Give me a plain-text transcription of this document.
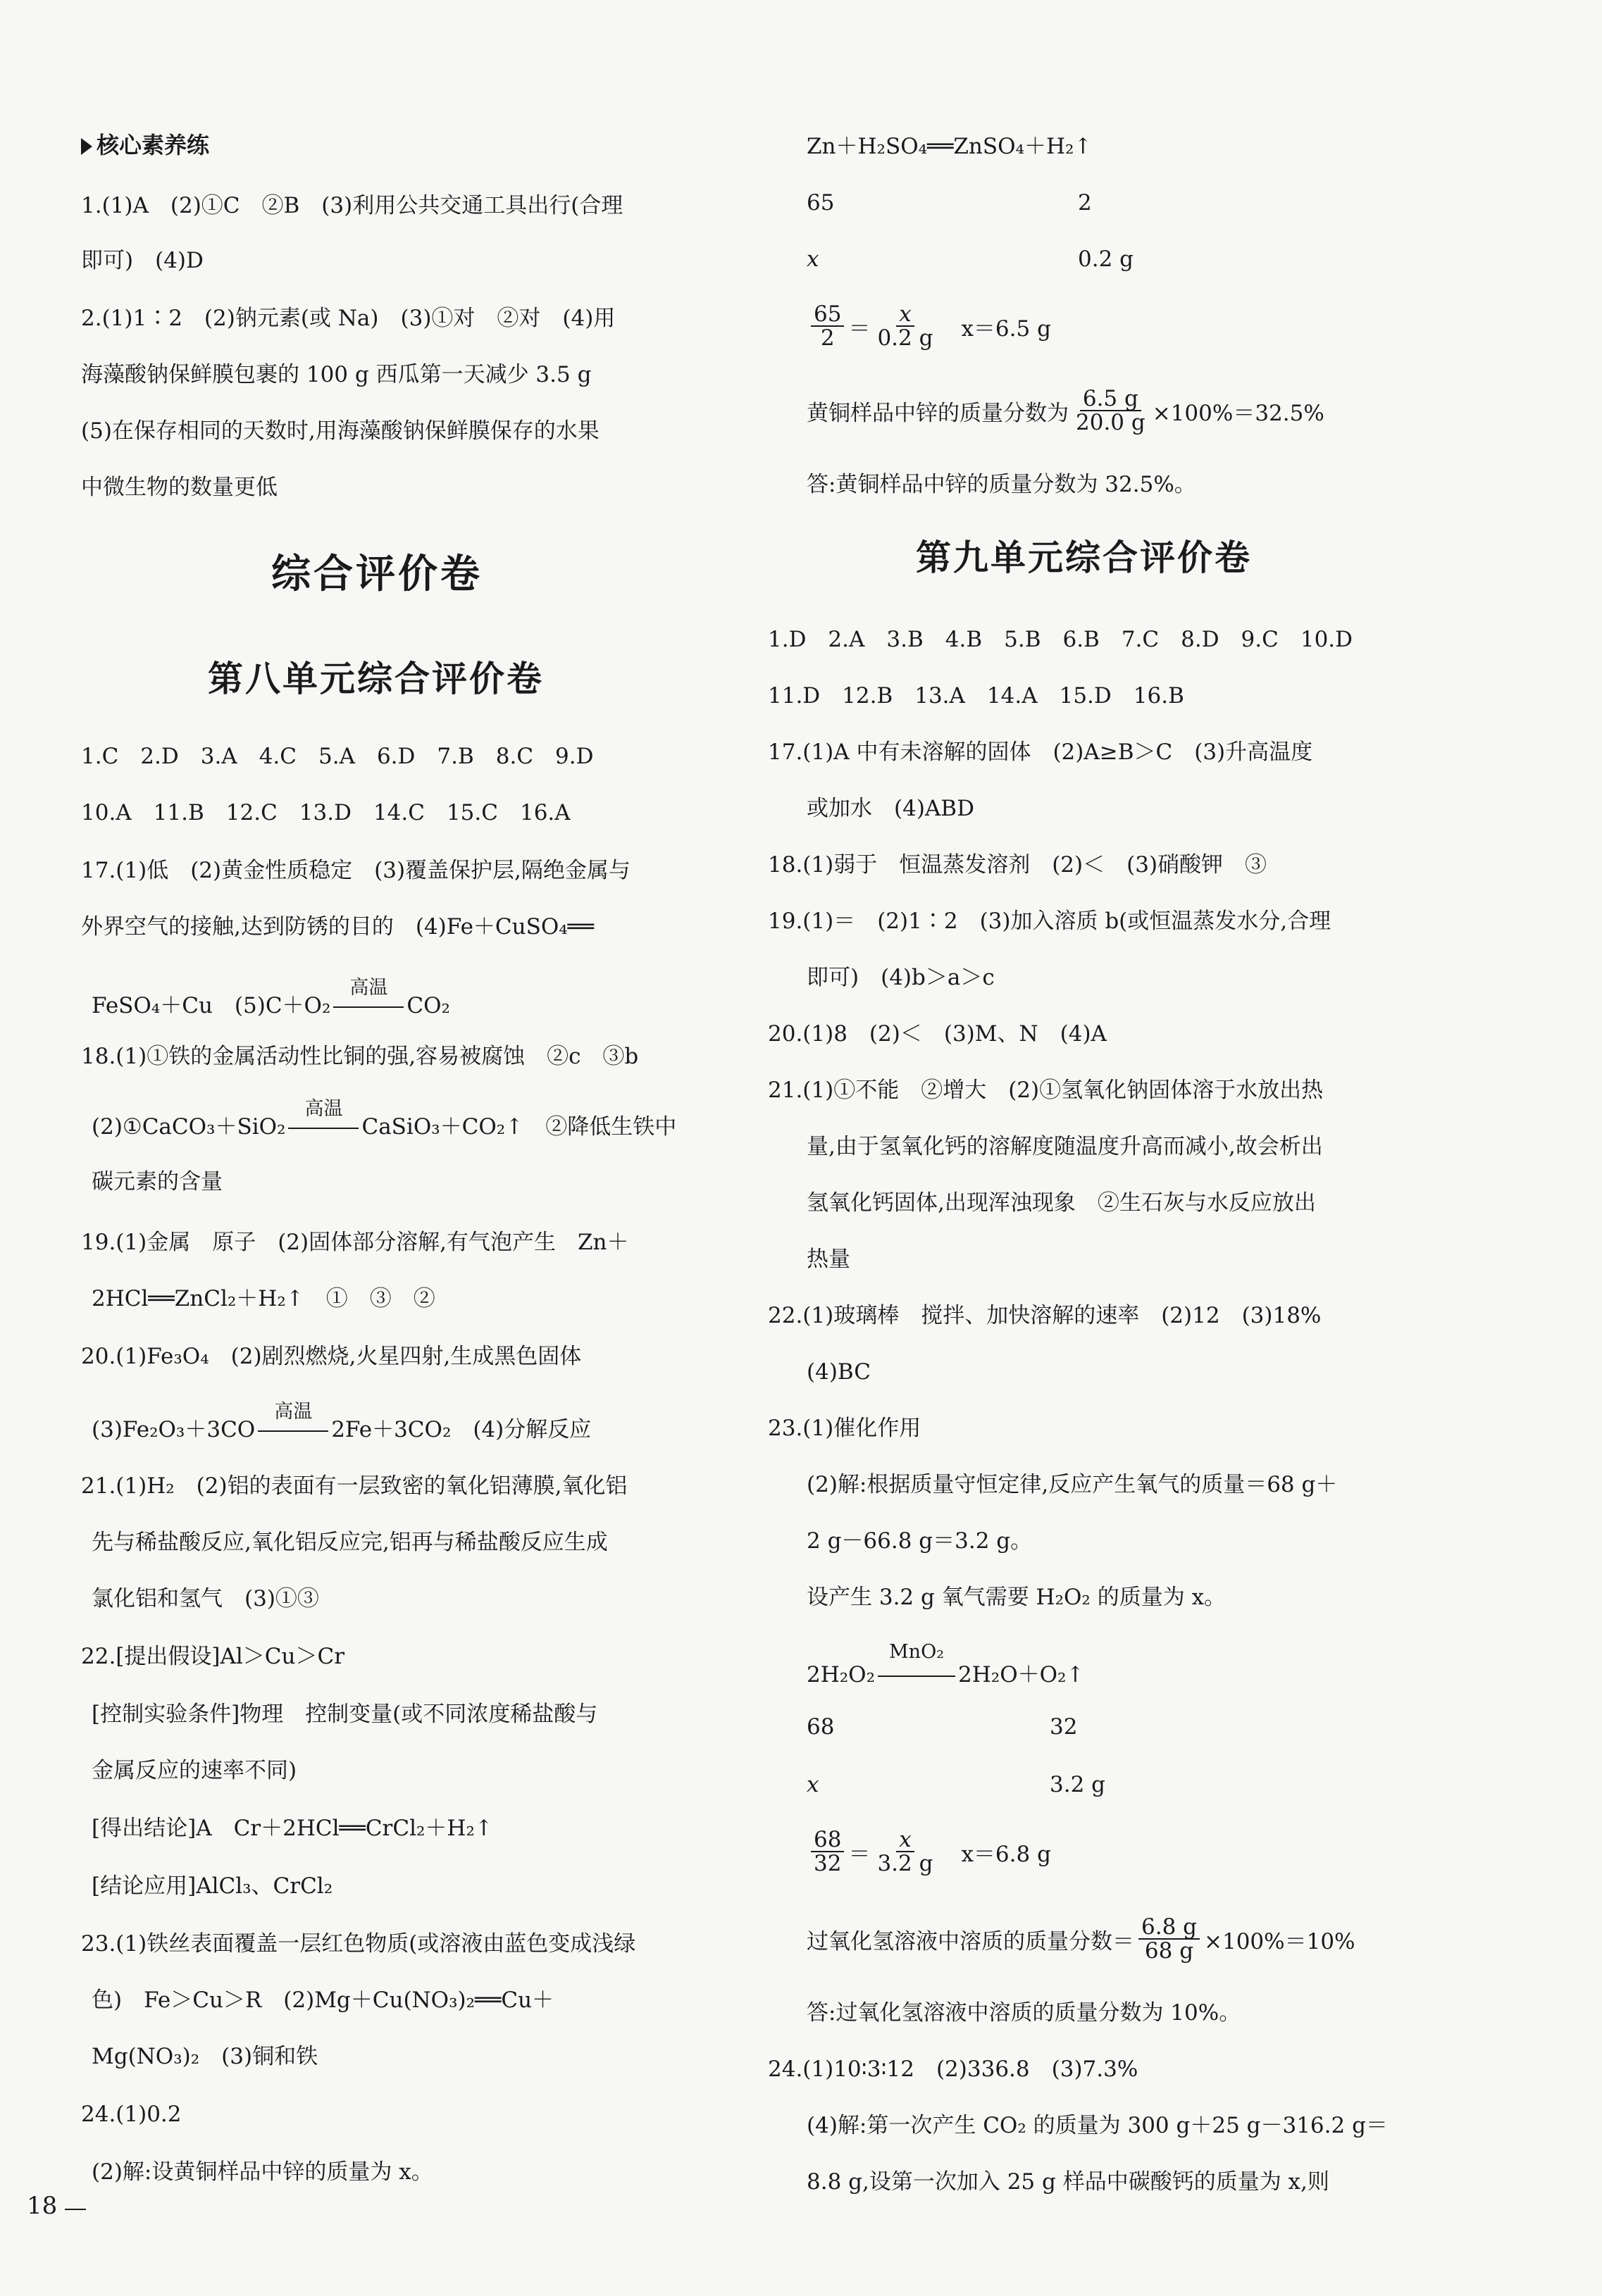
核心素养练
1.(1)A　(2)①C　②B　(3)利用公共交通工具出行(合理
即可)　(4)D
2.(1)1∶2　(2)钠元素(或 Na)　(3)①对　②对　(4)用
海藻酸钠保鲜膜包裹的 100 g 西瓜第一天减少 3.5 g
(5)在保存相同的天数时,用海藻酸钠保鲜膜保存的水果
中微生物的数量更低
综合评价卷
第八单元综合评价卷
1.C　2.D　3.A　4.C　5.A　6.D　7.B　8.C　9.D
10.A　11.B　12.C　13.D　14.C　15.C　16.A
17.(1)低　(2)黄金性质稳定　(3)覆盖保护层,隔绝金属与
外界空气的接触,达到防锈的目的　(4)Fe＋CuSO₄══
FeSO₄＋Cu　(5)C＋O₂
高温
CO₂
18.(1)①铁的金属活动性比铜的强,容易被腐蚀　②c　③b
(2)①CaCO₃＋SiO₂
高温
CaSiO₃＋CO₂↑　②降低生铁中
碳元素的含量
19.(1)金属　原子　(2)固体部分溶解,有气泡产生　Zn＋
2HCl══ZnCl₂＋H₂↑　①　③　②
20.(1)Fe₃O₄　(2)剧烈燃烧,火星四射,生成黑色固体
(3)Fe₂O₃＋3CO
高温
2Fe＋3CO₂　(4)分解反应
21.(1)H₂　(2)铝的表面有一层致密的氧化铝薄膜,氧化铝
先与稀盐酸反应,氧化铝反应完,铝再与稀盐酸反应生成
氯化铝和氢气　(3)①③
22.[提出假设]Al＞Cu＞Cr
[控制实验条件]物理　控制变量(或不同浓度稀盐酸与
金属反应的速率不同)
[得出结论]A　Cr＋2HCl══CrCl₂＋H₂↑
[结论应用]AlCl₃、CrCl₂
23.(1)铁丝表面覆盖一层红色物质(或溶液由蓝色变成浅绿
色)　Fe＞Cu＞R　(2)Mg＋Cu(NO₃)₂══Cu＋
Mg(NO₃)₂　(3)铜和铁
24.(1)0.2
(2)解:设黄铜样品中锌的质量为 x。
Zn＋H₂SO₄══ZnSO₄＋H₂↑
65	2
x	0.2 g
$\frac{65}{2} = \frac{x}{0.2 g} x=6.5$ g
黄铜样品中锌的质量分数为 $\frac{6.5 g}{20.0 g} \times 100\%=32.5\%$
答:黄铜样品中锌的质量分数为 32.5%。
第九单元综合评价卷
1.D　2.A　3.B　4.B　5.B　6.B　7.C　8.D　9.C　10.D
11.D　12.B　13.A　14.A　15.D　16.B
17.(1)A 中有未溶解的固体　(2)A≥B＞C　(3)升高温度
或加水　(4)ABD
18.(1)弱于　恒温蒸发溶剂　(2)＜　(3)硝酸钾　③
19.(1)＝　(2)1∶2　(3)加入溶质 b(或恒温蒸发水分,合理
即可)　(4)b＞a＞c
20.(1)8　(2)＜　(3)M、N　(4)A
21.(1)①不能　②增大　(2)①氢氧化钠固体溶于水放出热
量,由于氢氧化钙的溶解度随温度升高而减小,故会析出
氢氧化钙固体,出现浑浊现象　②生石灰与水反应放出
热量
22.(1)玻璃棒　搅拌、加快溶解的速率　(2)12　(3)18%
(4)BC
23.(1)催化作用
(2)解:根据质量守恒定律,反应产生氧气的质量＝68 g＋
2 g－66.8 g＝3.2 g。
设产生 3.2 g 氧气需要 H₂O₂ 的质量为 x。
2H₂O₂
MnO₂
2H₂O＋O₂↑
68	32
x	3.2 g
$\frac{68}{32} = \frac{x}{3.2 g} x=6.8$ g
过氧化氢溶液中溶质的质量分数＝ $\frac{6.8 g}{68 g} \times 100\%=10\%$
答:过氧化氢溶液中溶质的质量分数为 10%。
24.(1)10∶3∶12　(2)336.8　(3)7.3%
(4)解:第一次产生 CO₂ 的质量为 300 g＋25 g－316.2 g＝
8.8 g,设第一次加入 25 g 样品中碳酸钙的质量为 x,则
18
